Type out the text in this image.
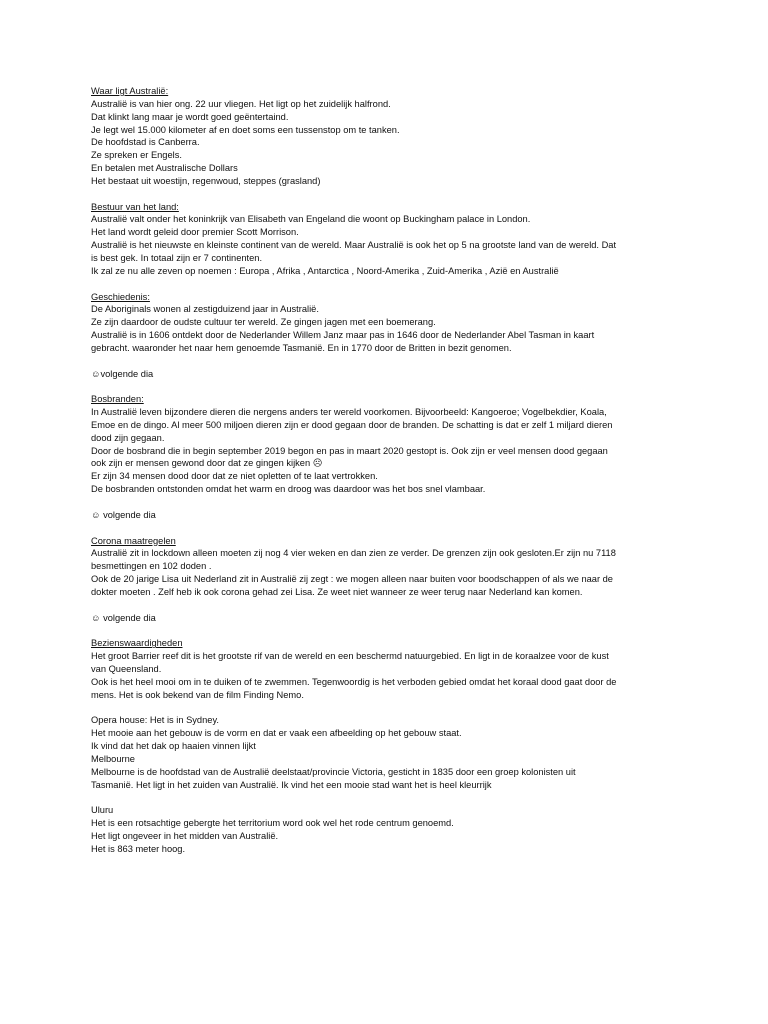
Waar ligt Australië:
Australië is van hier ong. 22 uur vliegen. Het ligt op het zuidelijk halfrond.
Dat klinkt lang maar je wordt goed geëntertaind.
Je legt wel 15.000 kilometer af en doet soms een tussenstop om te tanken.
De hoofdstad is Canberra.
Ze spreken er Engels.
En betalen met Australische Dollars
Het bestaat uit woestijn, regenwoud, steppes (grasland)
Bestuur van het land:
Australië valt onder het koninkrijk van Elisabeth van Engeland die woont op Buckingham palace in London.
Het land wordt geleid door premier Scott Morrison.
Australië is het nieuwste en kleinste continent van de wereld. Maar Australië is ook het op 5 na grootste land van de wereld. Dat
is best gek. In totaal zijn er 7 continenten.
Ik zal ze nu alle zeven op noemen : Europa , Afrika , Antarctica , Noord-Amerika , Zuid-Amerika , Azië en Australië
Geschiedenis:
De Aboriginals wonen al zestigduizend jaar in Australië.
Ze zijn daardoor de oudste cultuur ter wereld. Ze gingen jagen met een boemerang.
Australië is in 1606 ontdekt door de Nederlander Willem Janz maar pas in 1646 door de Nederlander Abel Tasman in kaart
gebracht. waaronder het naar hem genoemde Tasmanië. En in 1770 door de Britten in bezit genomen.
☺volgende dia
Bosbranden:
In Australië leven bijzondere dieren die nergens anders ter wereld voorkomen. Bijvoorbeeld: Kangoeroe; Vogelbekdier, Koala,
Emoe en de dingo. Al meer 500 miljoen dieren zijn er dood gegaan door de branden. De schatting is dat er zelf 1 miljard dieren
dood zijn gegaan.
Door de bosbrand die in begin september 2019 begon en pas in maart 2020 gestopt is. Ook zijn er veel mensen dood gegaan
ook zijn er mensen gewond door dat ze gingen kijken ☹
Er zijn 34 mensen dood door dat ze niet opletten of te laat vertrokken.
De bosbranden ontstonden omdat het warm en droog was daardoor was het bos snel vlambaar.
☺ volgende dia
Corona maatregelen
Australië zit in lockdown alleen moeten zij nog 4 vier weken en dan zien ze verder. De grenzen zijn ook gesloten.Er zijn nu 7118
besmettingen en 102 doden .
Ook de 20 jarige Lisa uit Nederland zit in Australië zij zegt : we mogen alleen naar buiten voor boodschappen of als we naar de
dokter moeten . Zelf heb ik ook corona gehad zei Lisa. Ze weet niet wanneer ze weer terug naar Nederland kan komen.
☺ volgende dia
Bezienswaardigheden
Het groot Barrier reef dit is het grootste rif van de wereld en een beschermd natuurgebied. En ligt in de koraalzee voor de kust
van Queensland.
Ook is het heel mooi om in te duiken of te zwemmen. Tegenwoordig is het verboden gebied omdat het koraal dood gaat door de
mens. Het is ook bekend van de film Finding Nemo.
Opera house: Het is in Sydney.
Het mooie aan het gebouw is de vorm en dat er vaak een afbeelding op het gebouw staat.
Ik vind dat het dak op haaien vinnen lijkt
Melbourne
Melbourne is de hoofdstad van de Australië deelstaat/provincie Victoria, gesticht in 1835 door een groep kolonisten uit
Tasmanië. Het ligt in het zuiden van Australië. Ik vind het een mooie stad want het is heel kleurrijk
Uluru
Het is een rotsachtige gebergte het territorium word ook wel het rode centrum genoemd.
Het ligt ongeveer in het midden van Australië.
Het is 863 meter hoog.
